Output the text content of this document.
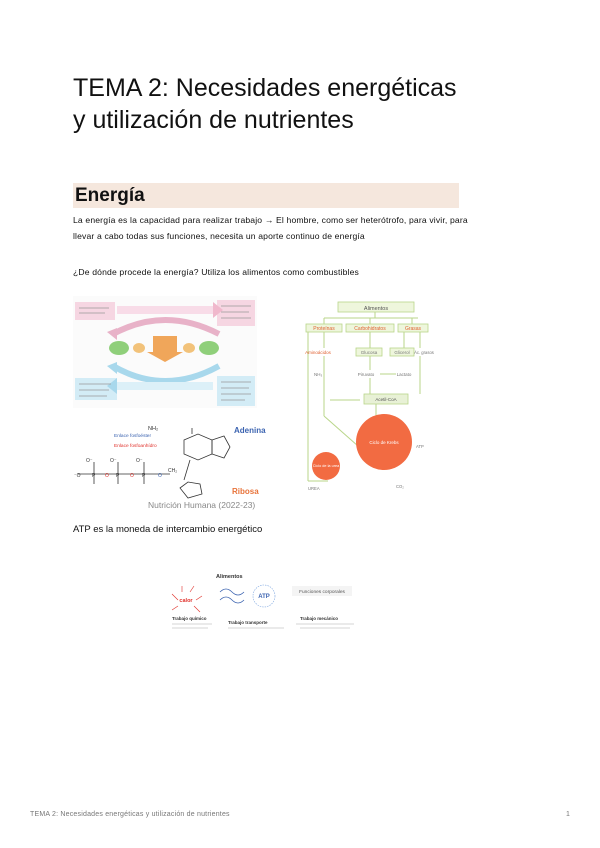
TEMA 2: Necesidades energéticas y utilización de nutrientes
Energía
La energía es la capacidad para realizar trabajo → El hombre, como ser heterótrofo, para vivir, para llevar a cabo todas sus funciones, necesita un aporte continuo de energía
¿De dónde procede la energía? Utiliza los alimentos como combustibles
Alimentos
Proteínas	Carbohidratos	Grasas
Aminoácidos	Glucosa	Glicerol Ác. grasos
NH₃	Piruvato	Lactato
Acetil-CoA
Ciclo de Krebs
Ciclo de la urea
UREA
ATP
CO₂
NH₂	Adenina
Enlace fosfoéster
Enlace fosfoanhídro
O⁻	O⁻	O⁻
⁻O P	P	P
O	O	O
CH₂
Ribosa
Nutrición Humana (2022-23)
ATP es la moneda de intercambio energético
Alimentos
Funciones corporales
calor
ATP
Trabajo químico
Trabajo transporte
Trabajo mecánico
TEMA 2: Necesidades energéticas y utilización de nutrientes	1
